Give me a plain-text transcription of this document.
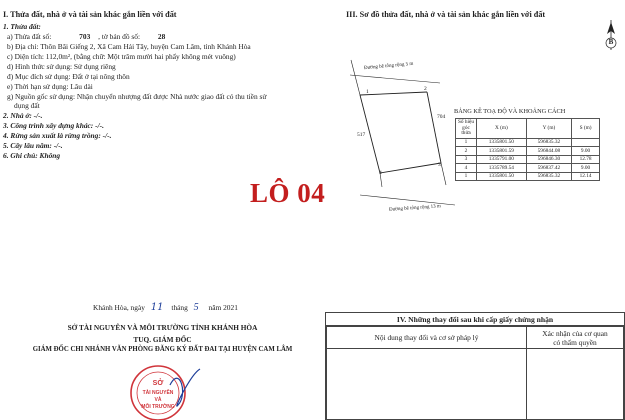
I. Thửa đất, nhà ở và tài sản khác gắn liền với đất
1. Thửa đất:
a) Thửa đất số:	703 , tờ bản đồ số: 28
b) Địa chỉ: Thôn Bãi Giếng 2, Xã Cam Hải Tây, huyện Cam Lâm, tỉnh Khánh Hòa
c) Diện tích: 112,0m², (bằng chữ: Một trăm mười hai phẩy không mét vuông)
d) Hình thức sử dụng: Sử dụng riêng
đ) Mục đích sử dụng: Đất ở tại nông thôn
e) Thời hạn sử dụng: Lâu dài
g) Nguồn gốc sử dụng: Nhận chuyển nhượng đất được Nhà nước giao đất có thu tiền sử
dụng đất
2. Nhà ở: -/-.
3. Công trình xây dựng khác: -/-.
4. Rừng sản xuất là rừng trồng: -/-.
5. Cây lâu năm: -/-.
6. Ghi chú: Không
III. Sơ đồ thửa đất, nhà ở và tài sản khác gắn liền với đất
B
Đường bê tông rộng 5 m
Đường bê tông rộng 13 m
517
704
1	2
3
4
BẢNG KÊ TOẠ ĐỘ VÀ KHOẢNG CÁCH
Số hiệu góc thửa	X (m)	Y (m)	S (m)
1	1335801.50	596835.32	
2	1335801.59	596844.08	9.00
3	1335791.00	596846.30	12.78
4	1335789.54	596837.42	9.00
1	1335801.50	596835.32	12.14
LÔ 04
Khánh Hòa, ngày 11 tháng 5 năm 2021
SỞ TÀI NGUYÊN VÀ MÔI TRƯỜNG TỈNH KHÁNH HÒA
TUQ. GIÁM ĐỐC
GIÁM ĐỐC CHI NHÁNH VĂN PHÒNG ĐĂNG KÝ ĐẤT ĐAI TẠI HUYỆN CAM LÂM
SỞ
TÀI NGUYÊN
VÀ
MÔI TRƯỜNG
IV. Những thay đổi sau khi cấp giấy chứng nhận
Nội dung thay đổi và cơ sở pháp lý	Xác nhận của cơ quan
có thẩm quyền
